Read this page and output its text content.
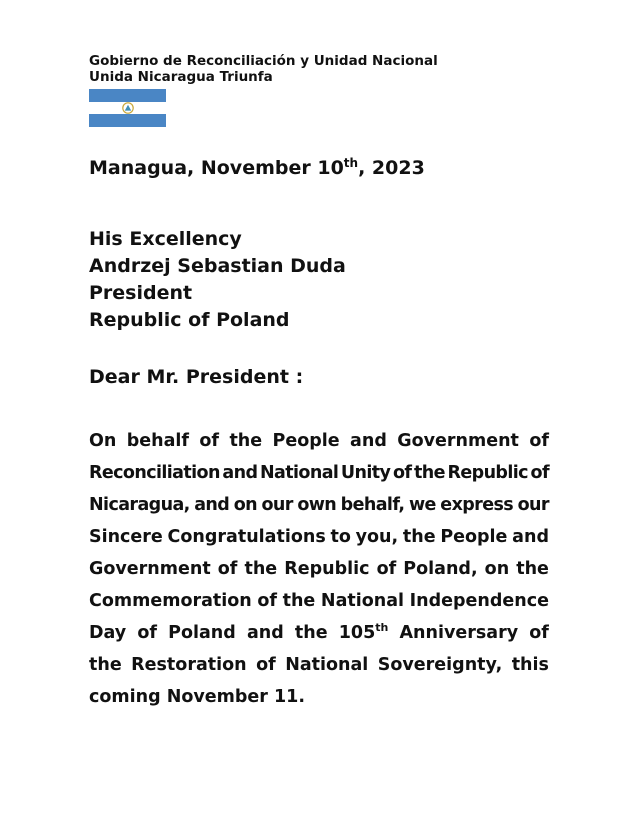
Gobierno de Reconciliación y Unidad Nacional
Unida Nicaragua Triunfa
Managua, November 10th, 2023
His Excellency
Andrzej Sebastian Duda
President
Republic of Poland
Dear Mr. President :
On behalf of the People and Government of
Reconciliation and National Unity of the Republic of
Nicaragua, and on our own behalf, we express our
Sincere Congratulations to you, the People and
Government of the Republic of Poland, on the
Commemoration of the National Independence
Day of Poland and the 105th Anniversary of
the Restoration of National Sovereignty, this
coming November 11.
